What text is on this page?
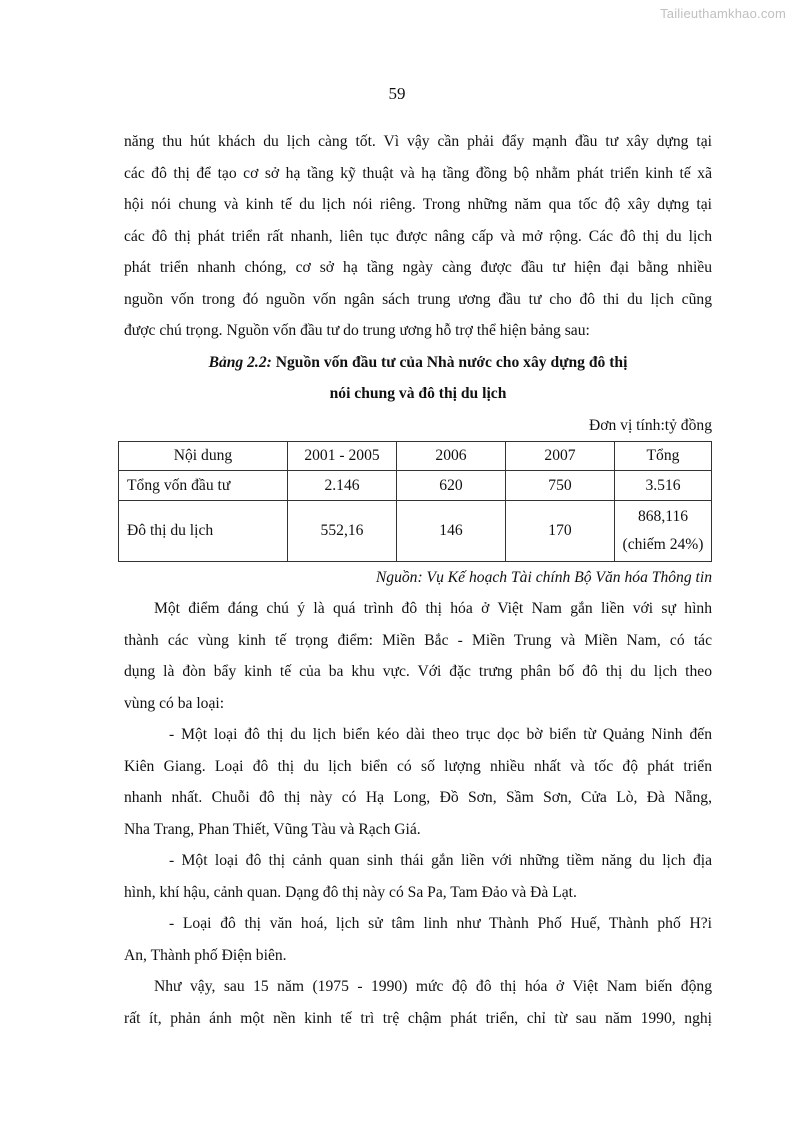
Tailieuthamkhao.com
59
năng thu hút khách du lịch càng tốt. Vì vậy cần phải đẩy mạnh đầu tư xây dựng tại
các đô thị để tạo cơ sở hạ tầng kỹ thuật và hạ tầng đồng bộ nhằm phát triển kinh tế xã
hội nói chung và kinh tế du lịch nói riêng. Trong những năm qua tốc độ xây dựng tại
các đô thị phát triển rất nhanh, liên tục được nâng cấp và mở rộng. Các đô thị du lịch
phát triển nhanh chóng, cơ sở hạ tầng ngày càng được đầu tư hiện đại bằng nhiều
nguồn vốn trong đó nguồn vốn ngân sách trung ương đầu tư cho đô thi du lịch cũng
được chú trọng. Nguồn vốn đầu tư do trung ương hỗ trợ thể hiện bảng sau:
Bảng 2.2: Nguồn vốn đầu tư của Nhà nước cho xây dựng đô thị
nói chung và đô thị du lịch
Đơn vị tính:tỷ đồng
Nội dung	2001 - 2005	2006	2007	Tổng
Tổng vốn đầu tư	2.146	620	750	3.516
Đô thị du lịch	552,16	146	170	868,116
(chiếm 24%)
Nguồn: Vụ Kế hoạch Tài chính Bộ Văn hóa Thông tin
Một điểm đáng chú ý là quá trình đô thị hóa ở Việt Nam gắn liền với sự hình
thành các vùng kinh tế trọng điểm: Miền Bắc - Miền Trung và Miền Nam, có tác
dụng là đòn bẩy kinh tế của ba khu vực. Với đặc trưng phân bố đô thị du lịch theo
vùng có ba loại:
- Một loại đô thị du lịch biển kéo dài theo trục dọc bờ biển từ Quảng Ninh đến
Kiên Giang. Loại đô thị du lịch biển có số lượng nhiều nhất và tốc độ phát triển
nhanh nhất. Chuỗi đô thị này có Hạ Long, Đồ Sơn, Sầm Sơn, Cửa Lò, Đà Nẵng,
Nha Trang, Phan Thiết, Vũng Tàu và Rạch Giá.
- Một loại đô thị cảnh quan sinh thái gắn liền với những tiềm năng du lịch địa
hình, khí hậu, cảnh quan. Dạng đô thị này có Sa Pa, Tam Đảo và Đà Lạt.
- Loại đô thị văn hoá, lịch sử tâm linh như Thành Phố Huế, Thành phố H?i
An, Thành phố Điện biên.
Như vậy, sau 15 năm (1975 - 1990) mức độ đô thị hóa ở Việt Nam biến động
rất ít, phản ánh một nền kinh tế trì trệ chậm phát triển, chỉ từ sau năm 1990, nghị
